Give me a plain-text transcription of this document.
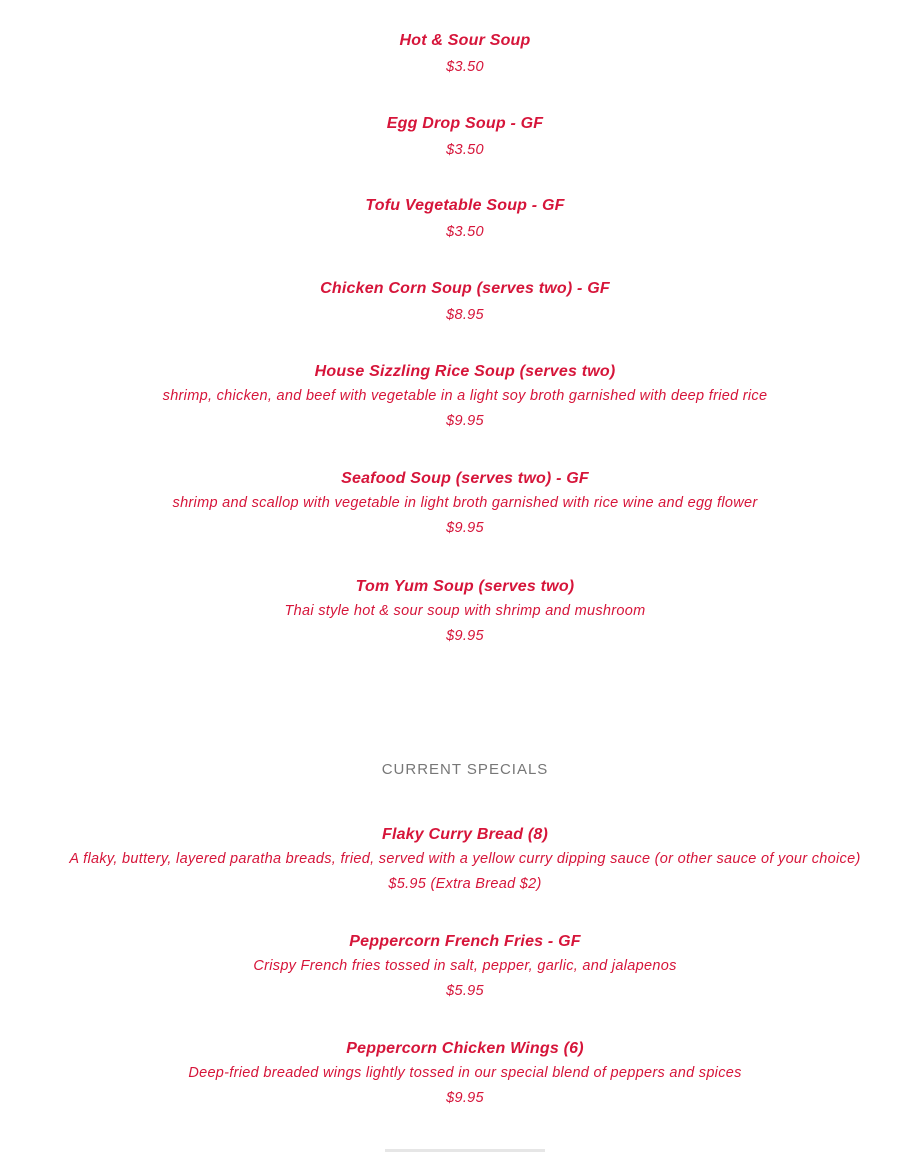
Hot & Sour Soup
$3.50
Egg Drop Soup - GF
$3.50
Tofu Vegetable Soup - GF
$3.50
Chicken Corn Soup (serves two) - GF
$8.95
House Sizzling Rice Soup (serves two)
shrimp, chicken, and beef with vegetable in a light soy broth garnished with deep fried rice
$9.95
Seafood Soup (serves two) - GF
shrimp and scallop with vegetable in light broth garnished with rice wine and egg flower
$9.95
Tom Yum Soup (serves two)
Thai style hot & sour soup with shrimp and mushroom
$9.95
CURRENT SPECIALS
Flaky Curry Bread (8)
A flaky, buttery, layered paratha breads, fried, served with a yellow curry dipping sauce (or other sauce of your choice)
$5.95 (Extra Bread $2)
Peppercorn French Fries - GF
Crispy French fries tossed in salt, pepper, garlic, and jalapenos
$5.95
Peppercorn Chicken Wings (6)
Deep-fried breaded wings lightly tossed in our special blend of peppers and spices
$9.95
